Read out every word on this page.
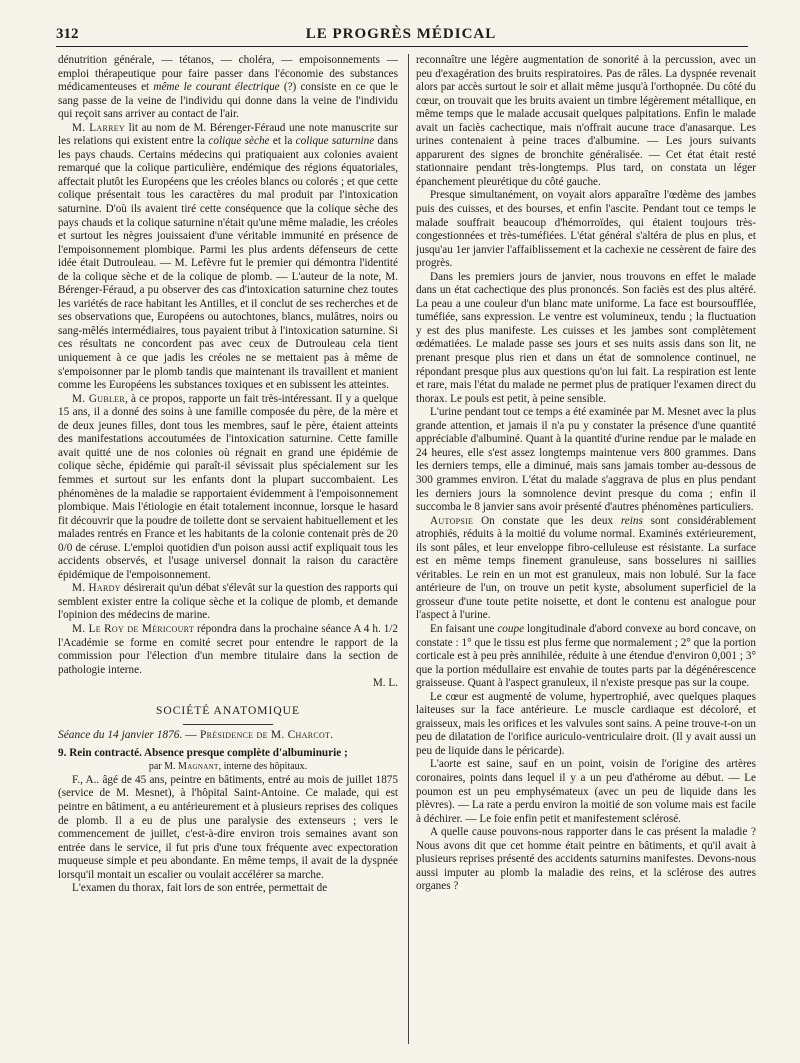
312	LE PROGRÈS MÉDICAL

dénutrition générale, — tétanos, — choléra, — empoisonnements — emploi thérapeutique pour faire passer dans l'économie des substances médicamenteuses et même le courant électrique (?) consiste en ce que le sang passe de la veine de l'individu qui donne dans la veine de l'individu qui reçoit sans arriver au contact de l'air.

M. Larrey lit au nom de M. Bérenger-Féraud une note manuscrite sur les relations qui existent entre la colique sèche et la colique saturnine dans les pays chauds. Certains médecins qui pratiquaient aux colonies avaient remarqué que la colique particulière, endémique des régions équatoriales, affectait plutôt les Européens que les créoles blancs ou colorés ; et que cette colique présentait tous les caractères du mal produit par l'intoxication saturnine. D'où ils avaient tiré cette conséquence que la colique sèche des pays chauds et la colique saturnine n'était qu'une même maladie, les créoles et surtout les nègres jouissaient d'une véritable immunité en présence de l'empoisonnement plombique. Parmi les plus ardents défenseurs de cette idée était Dutrouleau. — M. Lefèvre fut le premier qui démontra l'identité de la colique sèche et de la colique de plomb. — L'auteur de la note, M. Bérenger-Féraud, a pu observer des cas d'intoxication saturnine chez toutes les variétés de race habitant les Antilles, et il conclut de ses recherches et de ses observations que, Européens ou autochtones, blancs, mulâtres, noirs ou sang-mêlés intermédiaires, tous payaient tribut à l'intoxication saturnine. Si ces résultats ne concordent pas avec ceux de Dutrouleau cela tient uniquement à ce que jadis les créoles ne se mettaient pas à même de s'empoisonner par le plomb tandis que maintenant ils travaillent et manient comme les Européens les substances toxiques et en subissent les atteintes.

M. Gubler, à ce propos, rapporte un fait très-intéressant. Il y a quelque 15 ans, il a donné des soins à une famille composée du père, de la mère et de deux jeunes filles, dont tous les membres, sauf le père, étaient atteints des manifestations accoutumées de l'intoxication saturnine. Cette famille avait quitté une de nos colonies où régnait en grand une épidémie de colique sèche, épidémie qui paraît-il sévissait plus spécialement sur les femmes et surtout sur les enfants dont la plupart succombaient. Les phénomènes de la maladie se rapportaient évidemment à l'empoisonnement plombique. Mais l'étiologie en était totalement inconnue, lorsque le hasard fit découvrir que la poudre de toilette dont se servaient habituellement et les malades rentrés en France et les habitants de la colonie contenait près de 20 0/0 de céruse. L'emploi quotidien d'un poison aussi actif expliquait tous les accidents observés, et l'usage universel donnait la raison du caractère épidémique de l'empoisonnement.

M. Hardy désirerait qu'un débat s'élevât sur la question des rapports qui semblent exister entre la colique sèche et la colique de plomb, et demande l'opinion des médecins de marine.

M. Le Roy de Méricourt répondra dans la prochaine séance A 4 h. 1/2 l'Académie se forme en comité secret pour entendre le rapport de la commission pour l'élection d'un membre titulaire dans la section de pathologie interne.

M. L.
SOCIÉTÉ ANATOMIQUE

Séance du 14 janvier 1876. — Présidence de M. Charcot.

9. Rein contracté. Absence presque complète d'albuminurie ;

par M. Magnant, interne des hôpitaux.

F., A.. âgé de 45 ans, peintre en bâtiments, entré au mois de juillet 1875 (service de M. Mesnet), à l'hôpital Saint-Antoine. Ce malade, qui est peintre en bâtiment, a eu antérieurement et à plusieurs reprises des coliques de plomb. Il a eu de plus une paralysie des extenseurs ; vers le commencement de juillet, c'est-à-dire environ trois semaines avant son entrée dans le service, il fut pris d'une toux fréquente avec expectoration muqueuse simple et peu abondante. En même temps, il avait de la dyspnée lorsqu'il montait un escalier ou voulait accélérer sa marche.

L'examen du thorax, fait lors de son entrée, permettait de

reconnaître une légère augmentation de sonorité à la percussion, avec un peu d'exagération des bruits respiratoires. Pas de râles. La dyspnée revenait alors par accès surtout le soir et allait même jusqu'à l'orthopnée. Du côté du cœur, on trouvait que les bruits avaient un timbre légèrement métallique, en même temps que le malade accusait quelques palpitations. Enfin le malade avait un faciès cachectique, mais n'offrait aucune trace d'anasarque. Les urines contenaient à peine traces d'albumine. — Les jours suivants apparurent des signes de bronchite généralisée. — Cet état était resté stationnaire pendant très-longtemps. Plus tard, on constata un léger épanchement pleurétique du côté gauche.

Presque simultanément, on voyait alors apparaître l'œdème des jambes puis des cuisses, et des bourses, et enfin l'ascite. Pendant tout ce temps le malade souffrait beaucoup d'hémorroïdes, qui étaient toujours très-congestionnées et très-tuméfiées. L'état général s'altéra de plus en plus, et jusqu'au 1er janvier l'affaiblissement et la cachexie ne cessèrent de faire des progrès.

Dans les premiers jours de janvier, nous trouvons en effet le malade dans un état cachectique des plus prononcés. Son faciès est des plus altéré. La peau a une couleur d'un blanc mate uniforme. La face est boursoufflée, tuméfiée, sans expression. Le ventre est volumineux, tendu ; la fluctuation y est des plus manifeste. Les cuisses et les jambes sont complètement œdématiées. Le malade passe ses jours et ses nuits assis dans son lit, ne prenant presque plus rien et dans un état de somnolence continuel, ne répondant presque plus aux questions qu'on lui fait. La respiration est lente et rare, mais l'état du malade ne permet plus de pratiquer l'examen direct du thorax. Le pouls est petit, à peine sensible.

L'urine pendant tout ce temps a été examinée par M. Mesnet avec la plus grande attention, et jamais il n'a pu y constater la présence d'une quantité appréciable d'albuminé. Quant à la quantité d'urine rendue par le malade en 24 heures, elle s'est assez longtemps maintenue vers 800 grammes. Dans les derniers temps, elle a diminué, mais sans jamais tomber au-dessous de 300 grammes environ. L'état du malade s'aggrava de plus en plus pendant les derniers jours la somnolence devint presque du coma ; enfin il succomba le 8 janvier sans avoir présenté d'autres phénomènes particuliers.

Autopsie On constate que les deux reins sont considérablement atrophiés, réduits à la moitié du volume normal. Examinés extérieurement, ils sont pâles, et leur enveloppe fibro-celluleuse est résistante. La surface est en même temps finement granuleuse, sans bosselures ni saillies véritables. Le rein en un mot est granuleux, mais non lobulé. Sur la face antérieure de l'un, on trouve un petit kyste, absolument superficiel de la grosseur d'une toute petite noisette, et dont le contenu est analogue pour l'aspect à l'urine.

En faisant une coupe longitudinale d'abord convexe au bord concave, on constate : 1° que le tissu est plus ferme que normalement ; 2° que la portion corticale est à peu près annihilée, réduite à une étendue d'environ 0,001 ; 3° que la portion médullaire est envahie de toutes parts par la dégénérescence graisseuse. Quant à l'aspect granuleux, il n'existe presque pas sur la coupe.

Le cœur est augmenté de volume, hypertrophié, avec quelques plaques laiteuses sur la face antérieure. Le muscle cardiaque est décoloré, et graisseux, mais les orifices et les valvules sont sains. A peine trouve-t-on un peu de dilatation de l'orifice auriculo-ventriculaire droit. (Il y avait aussi un peu de liquide dans le péricarde).

L'aorte est saine, sauf en un point, voisin de l'origine des artères coronaires, points dans lequel il y a un peu d'athérome au début. — Le poumon est un peu emphysémateux (avec un peu de liquide dans les plèvres). — La rate a perdu environ la moitié de son volume mais est facile à déchirer. — Le foie enfin petit et manifestement sclérosé.

A quelle cause pouvons-nous rapporter dans le cas présent la maladie ? Nous avons dit que cet homme était peintre en bâtiments, et qu'il avait à plusieurs reprises présenté des accidents saturnins manifestes. Devons-nous aussi imputer au plomb la maladie des reins, et la sclérose des autres organes ?
